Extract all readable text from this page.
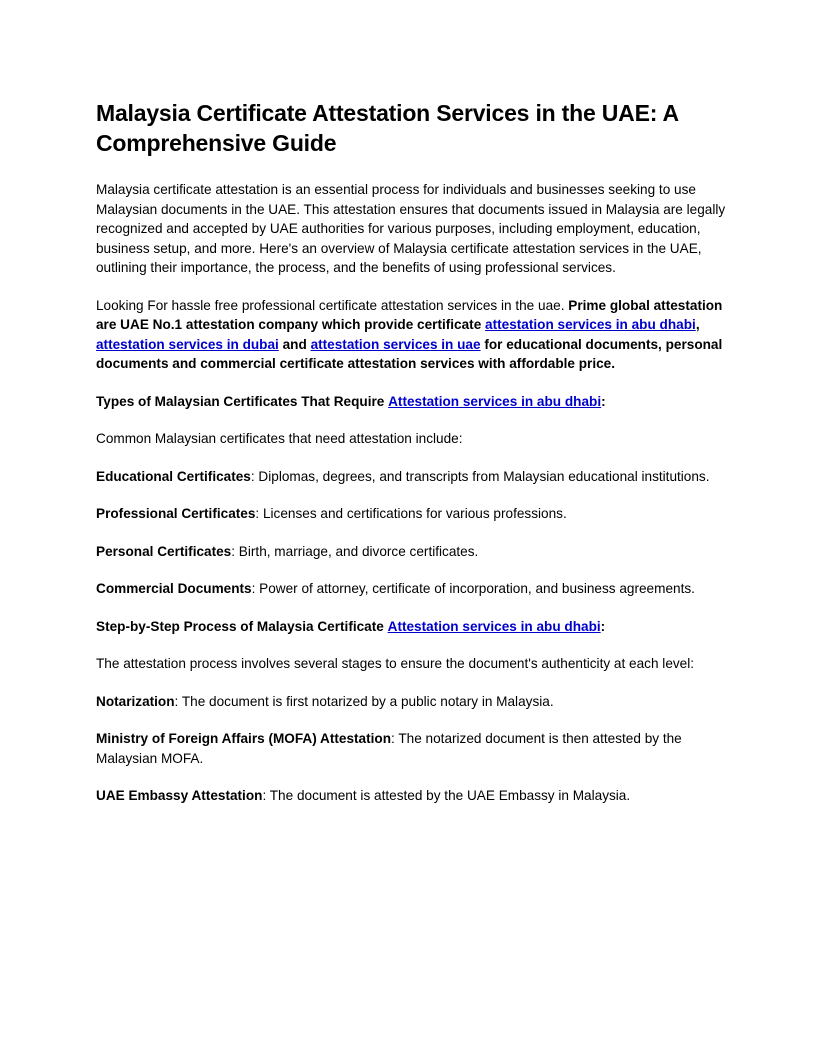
Malaysia Certificate Attestation Services in the UAE: A Comprehensive Guide

Malaysia certificate attestation is an essential process for individuals and businesses seeking to use Malaysian documents in the UAE. This attestation ensures that documents issued in Malaysia are legally recognized and accepted by UAE authorities for various purposes, including employment, education, business setup, and more. Here's an overview of Malaysia certificate attestation services in the UAE, outlining their importance, the process, and the benefits of using professional services.

Looking For hassle free professional certificate attestation services in the uae. Prime global attestation are UAE No.1 attestation company which provide certificate attestation services in abu dhabi, attestation services in dubai and attestation services in uae for educational documents, personal documents and commercial certificate attestation services with affordable price.

Types of Malaysian Certificates That Require Attestation services in abu dhabi:

Common Malaysian certificates that need attestation include:

Educational Certificates: Diplomas, degrees, and transcripts from Malaysian educational institutions.

Professional Certificates: Licenses and certifications for various professions.

Personal Certificates: Birth, marriage, and divorce certificates.

Commercial Documents: Power of attorney, certificate of incorporation, and business agreements.

Step-by-Step Process of Malaysia Certificate Attestation services in abu dhabi:

The attestation process involves several stages to ensure the document's authenticity at each level:

Notarization: The document is first notarized by a public notary in Malaysia.

Ministry of Foreign Affairs (MOFA) Attestation: The notarized document is then attested by the Malaysian MOFA.

UAE Embassy Attestation: The document is attested by the UAE Embassy in Malaysia.
